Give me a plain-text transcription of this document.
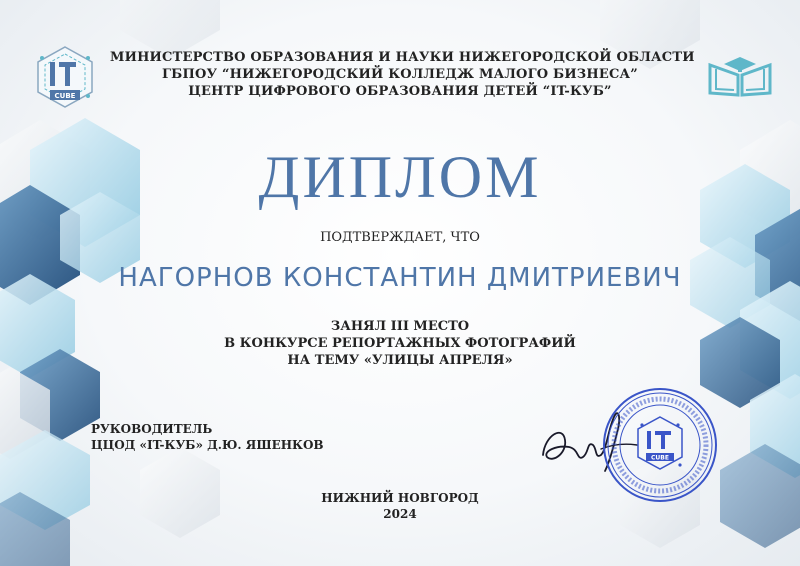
CUBE
МИНИСТЕРСТВО ОБРАЗОВАНИЯ И НАУКИ НИЖЕГОРОДСКОЙ ОБЛАСТИ
ГБПОУ “НИЖЕГОРОДСКИЙ КОЛЛЕДЖ МАЛОГО БИЗНЕСА”
ЦЕНТР ЦИФРОВОГО ОБРАЗОВАНИЯ ДЕТЕЙ “IT-КУБ”
ДИПЛОМ
ПОДТВЕРЖДАЕТ, ЧТО
НАГОРНОВ КОНСТАНТИН ДМИТРИЕВИЧ
ЗАНЯЛ III МЕСТО
В КОНКУРСЕ РЕПОРТАЖНЫХ ФОТОГРАФИЙ
НА ТЕМУ «УЛИЦЫ АПРЕЛЯ»
РУКОВОДИТЕЛЬ
ЦЦОД «IT-КУБ» Д.Ю. ЯШЕНКОВ
CUBE
НИЖНИЙ НОВГОРОД
2024
